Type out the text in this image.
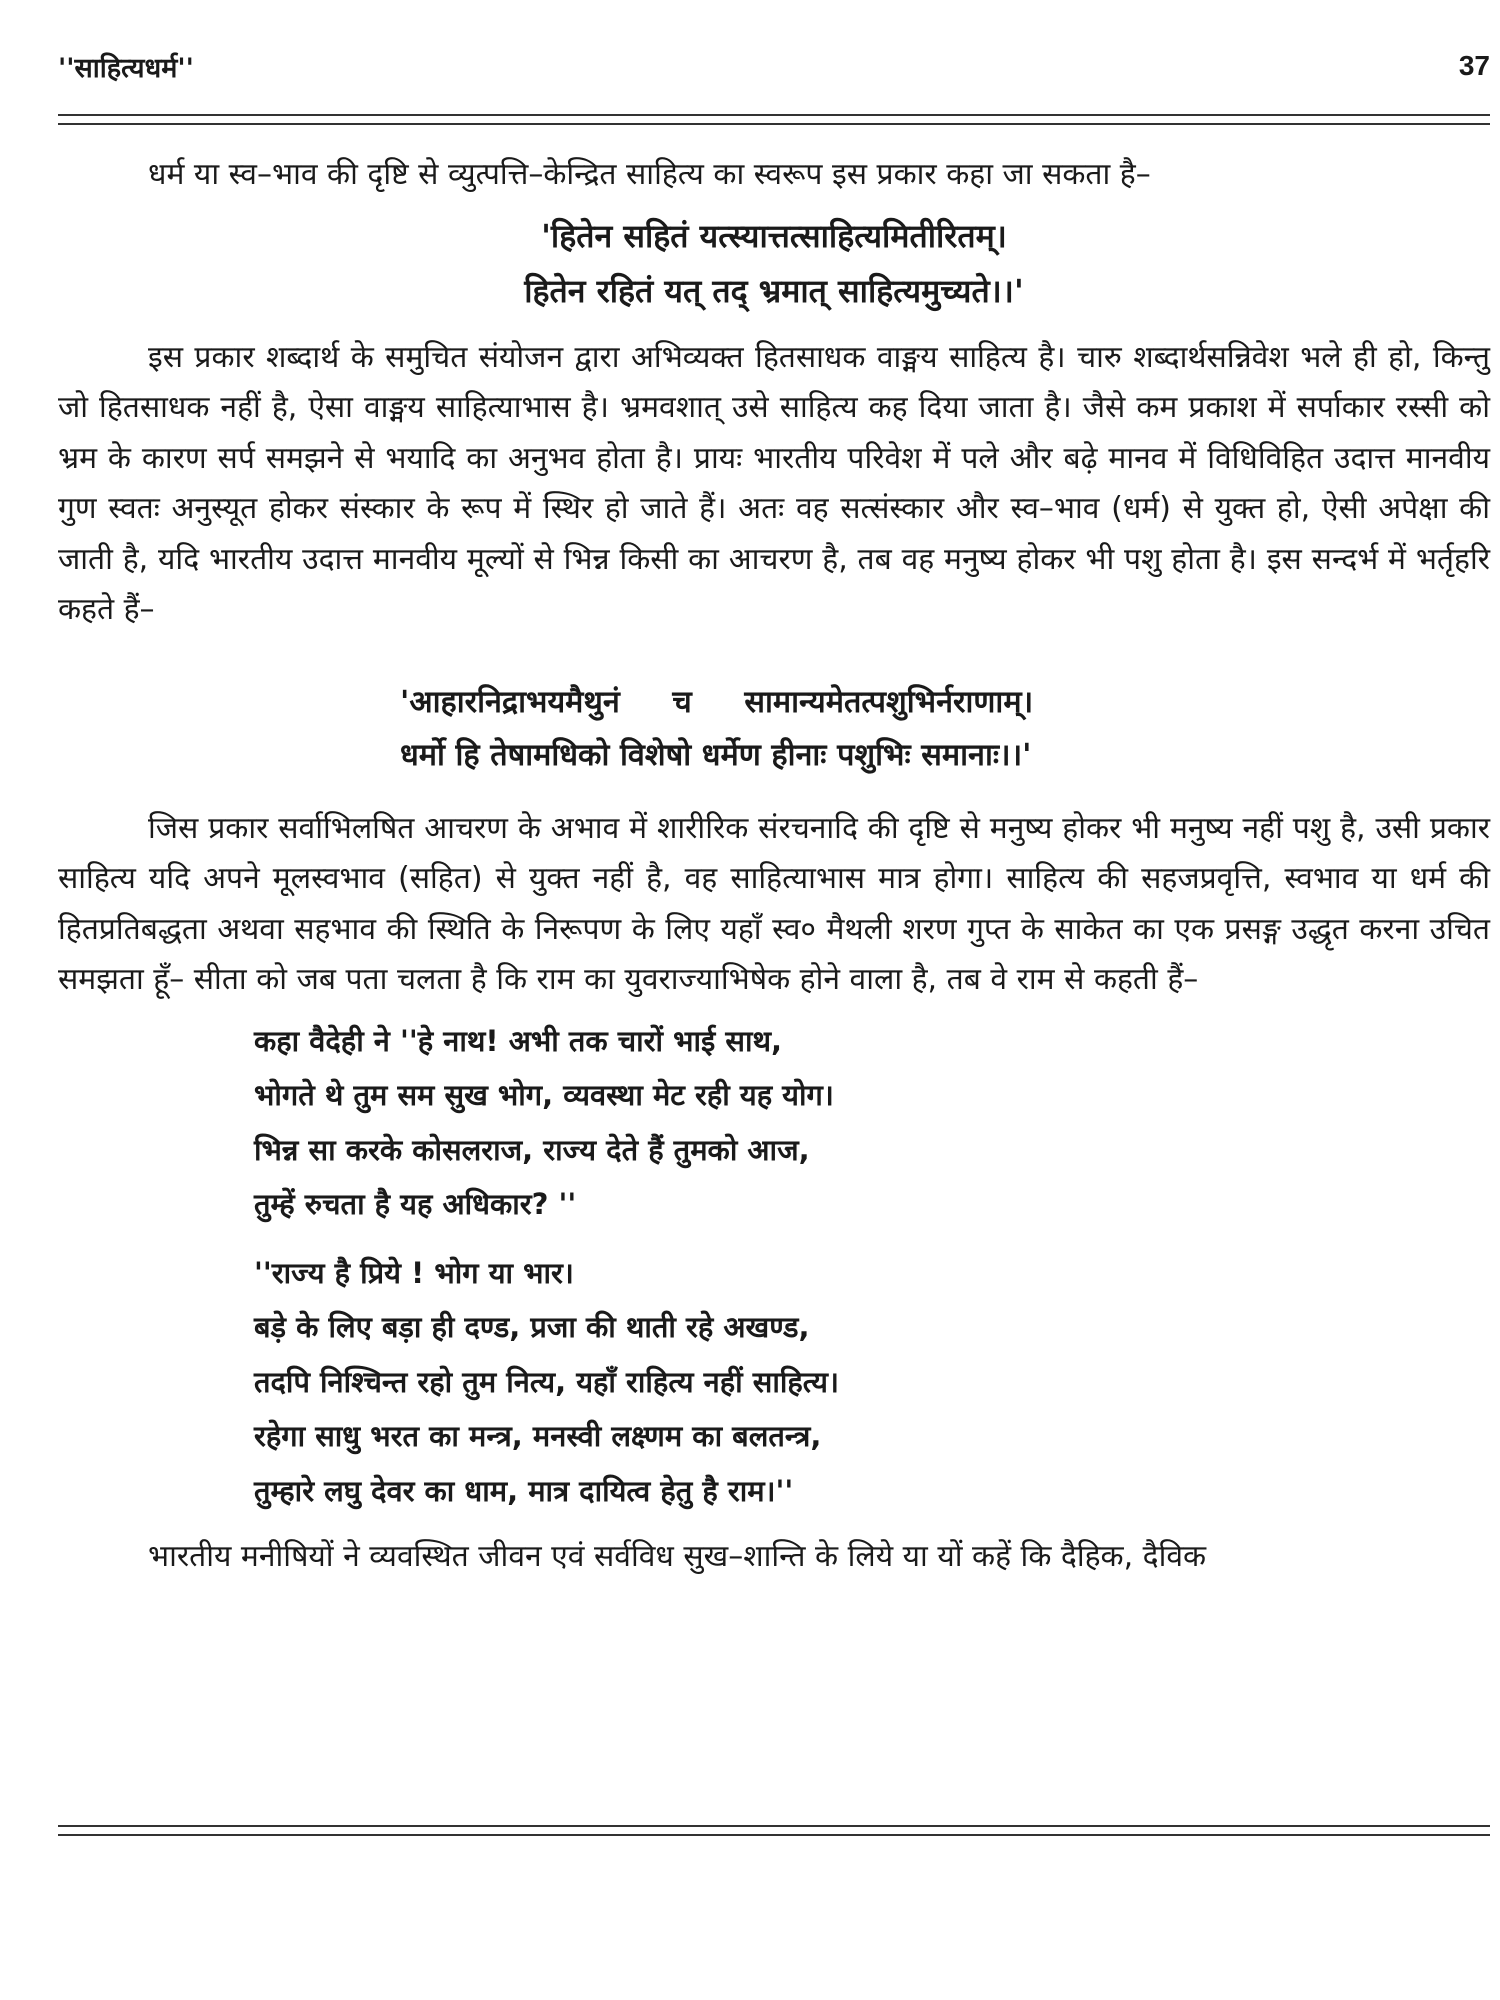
''साहित्यधर्म''	37

धर्म या स्व–भाव की दृष्टि से व्युत्पत्ति–केन्द्रित साहित्य का स्वरूप इस प्रकार कहा जा सकता है–

'हितेन सहितं यत्स्यात्तत्साहित्यमितीरितम्।
हितेन रहितं यत् तद् भ्रमात् साहित्यमुच्यते।।'

इस प्रकार शब्दार्थ के समुचित संयोजन द्वारा अभिव्यक्त हितसाधक वाङ्मय साहित्य है। चारु शब्दार्थसन्निवेश भले ही हो, किन्तु जो हितसाधक नहीं है, ऐसा वाङ्मय साहित्याभास है। भ्रमवशात् उसे साहित्य कह दिया जाता है। जैसे कम प्रकाश में सर्पाकार रस्सी को भ्रम के कारण सर्प समझने से भयादि का अनुभव होता है। प्रायः भारतीय परिवेश में पले और बढ़े मानव में विधिविहित उदात्त मानवीय गुण स्वतः अनुस्यूत होकर संस्कार के रूप में स्थिर हो जाते हैं। अतः वह सत्संस्कार और स्व–भाव (धर्म) से युक्त हो, ऐसी अपेक्षा की जाती है, यदि भारतीय उदात्त मानवीय मूल्यों से भिन्न किसी का आचरण है, तब वह मनुष्य होकर भी पशु होता है। इस सन्दर्भ में भर्तृहरि कहते हैं–

'आहारनिद्राभयमैथुनं च सामान्यमेतत्पशुभिर्नराणाम्।
धर्मो हि तेषामधिको विशेषो धर्मेण हीनाः पशुभिः समानाः।।'

जिस प्रकार सर्वाभिलषित आचरण के अभाव में शारीरिक संरचनादि की दृष्टि से मनुष्य होकर भी मनुष्य नहीं पशु है, उसी प्रकार साहित्य यदि अपने मूलस्वभाव (सहित) से युक्त नहीं है, वह साहित्याभास मात्र होगा। साहित्य की सहजप्रवृत्ति, स्वभाव या धर्म की हितप्रतिबद्धता अथवा सहभाव की स्थिति के निरूपण के लिए यहाँ स्व० मैथली शरण गुप्त के साकेत का एक प्रसङ्ग उद्धृत करना उचित समझता हूँ– सीता को जब पता चलता है कि राम का युवराज्याभिषेक होने वाला है, तब वे राम से कहती हैं–

कहा वैदेही ने ''हे नाथ! अभी तक चारों भाई साथ,
भोगते थे तुम सम सुख भोग, व्यवस्था मेट रही यह योग।
भिन्न सा करके कोसलराज, राज्य देते हैं तुमको आज,
तुम्हें रुचता है यह अधिकार? ''
''राज्य है प्रिये ! भोग या भार।
बड़े के लिए बड़ा ही दण्ड, प्रजा की थाती रहे अखण्ड,
तदपि निश्चिन्त रहो तुम नित्य, यहाँ राहित्य नहीं साहित्य।
रहेगा साधु भरत का मन्त्र, मनस्वी लक्ष्णम का बलतन्त्र,
तुम्हारे लघु देवर का धाम, मात्र दायित्व हेतु है राम।''

भारतीय मनीषियों ने व्यवस्थित जीवन एवं सर्वविध सुख–शान्ति के लिये या यों कहें कि दैहिक, दैविक
